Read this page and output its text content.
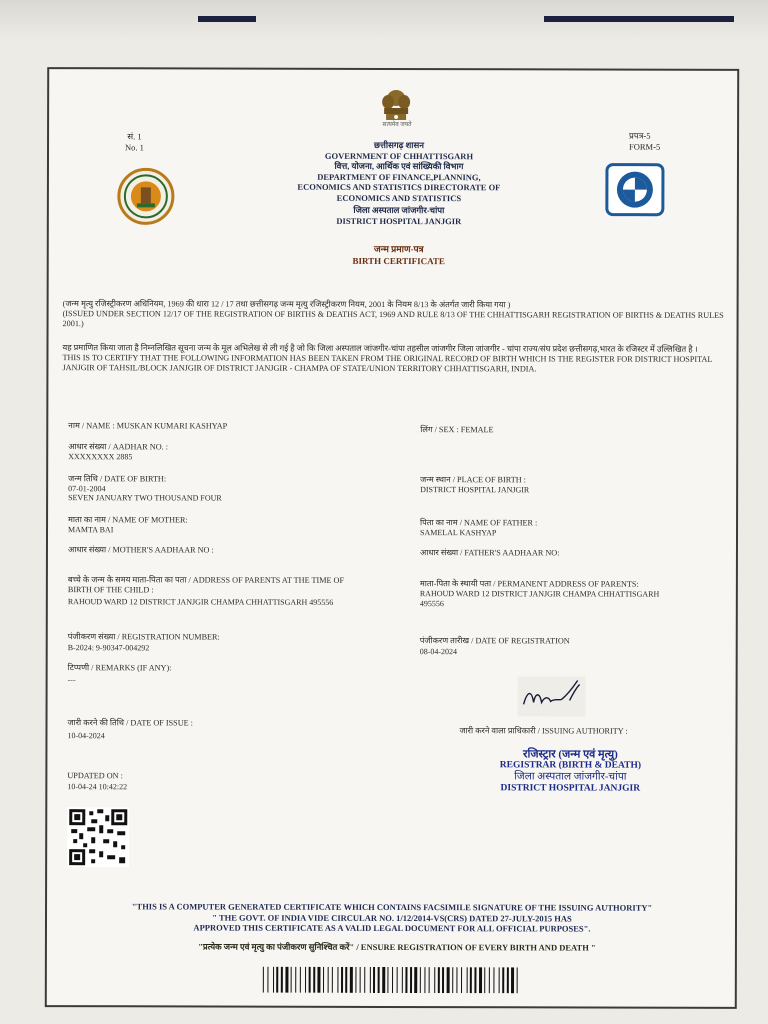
सत्यमेव जयते
सं. 1
No. 1
प्रपत्र-5
FORM-5
छत्तीसगढ़ शासन
GOVERNMENT OF CHHATTISGARH
वित्त, योजना, आर्थिक एवं सांख्यिकी विभाग
DEPARTMENT OF FINANCE,PLANNING,
ECONOMICS AND STATISTICS DIRECTORATE OF
ECONOMICS AND STATISTICS
जिला अस्पताल जांजगीर-चांपा
DISTRICT HOSPITAL JANJGIR
जन्म प्रमाण-पत्र
BIRTH CERTIFICATE
(जन्म मृत्यु रजिस्ट्रीकरण अधिनियम, 1969 की धारा 12 / 17 तथा छत्तीसगढ़ जन्म मृत्यु रजिस्ट्रीकरण नियम, 2001 के नियम 8/13 के अंतर्गत जारी किया गया )
(ISSUED UNDER SECTION 12/17 OF THE REGISTRATION OF BIRTHS & DEATHS ACT, 1969 AND RULE 8/13 OF THE CHHATTISGARH REGISTRATION OF BIRTHS & DEATHS RULES 2001.)
यह प्रमाणित किया जाता है निम्नलिखित सूचना जन्म के मूल अभिलेख से ली गई है जो कि जिला अस्पताल जांजगीर-चांपा तहसील जांजगीर जिला जांजगीर - चांपा राज्य/संघ प्रदेश छत्तीसगढ़,भारत के रजिस्टर में उल्लिखित है ।
THIS IS TO CERTIFY THAT THE FOLLOWING INFORMATION HAS BEEN TAKEN FROM THE ORIGINAL RECORD OF BIRTH WHICH IS THE REGISTER FOR DISTRICT HOSPITAL JANJGIR OF TAHSIL/BLOCK JANJGIR OF DISTRICT JANJGIR - CHAMPA OF STATE/UNION TERRITORY CHHATTISGARH, INDIA.
नाम / NAME : MUSKAN KUMARI KASHYAP	लिंग / SEX : FEMALE
आधार संख्या / AADHAR NO. :
XXXXXXXX 2885
जन्म तिथि / DATE OF BIRTH:
07-01-2004
SEVEN JANUARY TWO THOUSAND FOUR
जन्म स्थान / PLACE OF BIRTH :
DISTRICT HOSPITAL JANJGIR
माता का नाम / NAME OF MOTHER:
MAMTA BAI
पिता का नाम / NAME OF FATHER :
SAMELAL KASHYAP
आधार संख्या / MOTHER'S AADHAAR NO :	आधार संख्या / FATHER'S AADHAAR NO:
बच्चे के जन्म के समय माता-पिता का पता / ADDRESS OF PARENTS AT THE TIME OF
BIRTH OF THE CHILD :
RAHOUD WARD 12 DISTRICT JANJGIR CHAMPA CHHATTISGARH 495556
माता-पिता के स्थायी पता / PERMANENT ADDRESS OF PARENTS:
RAHOUD WARD 12 DISTRICT JANJGIR CHAMPA CHHATTISGARH
495556
पंजीकरण संख्या / REGISTRATION NUMBER:
B-2024: 9-90347-004292
पंजीकरण तारीख / DATE OF REGISTRATION
08-04-2024
टिप्पणी / REMARKS (IF ANY):
---
जारी करने की तिथि / DATE OF ISSUE :
10-04-2024
जारी करने वाला प्राधिकारी / ISSUING AUTHORITY :
रजिस्ट्रार (जन्म एवं मृत्यु)
REGISTRAR (BIRTH & DEATH)
जिला अस्पताल जांजगीर-चांपा
DISTRICT HOSPITAL JANJGIR
UPDATED ON :
10-04-24 10:42:22
"THIS IS A COMPUTER GENERATED CERTIFICATE WHICH CONTAINS FACSIMILE SIGNATURE OF THE ISSUING AUTHORITY"
" THE GOVT. OF INDIA VIDE CIRCULAR NO. 1/12/2014-VS(CRS) DATED 27-JULY-2015 HAS
APPROVED THIS CERTIFICATE AS A VALID LEGAL DOCUMENT FOR ALL OFFICIAL PURPOSES".
"प्रत्येक जन्म एवं मृत्यु का पंजीकरण सुनिश्चित करें" / ENSURE REGISTRATION OF EVERY BIRTH AND DEATH "
